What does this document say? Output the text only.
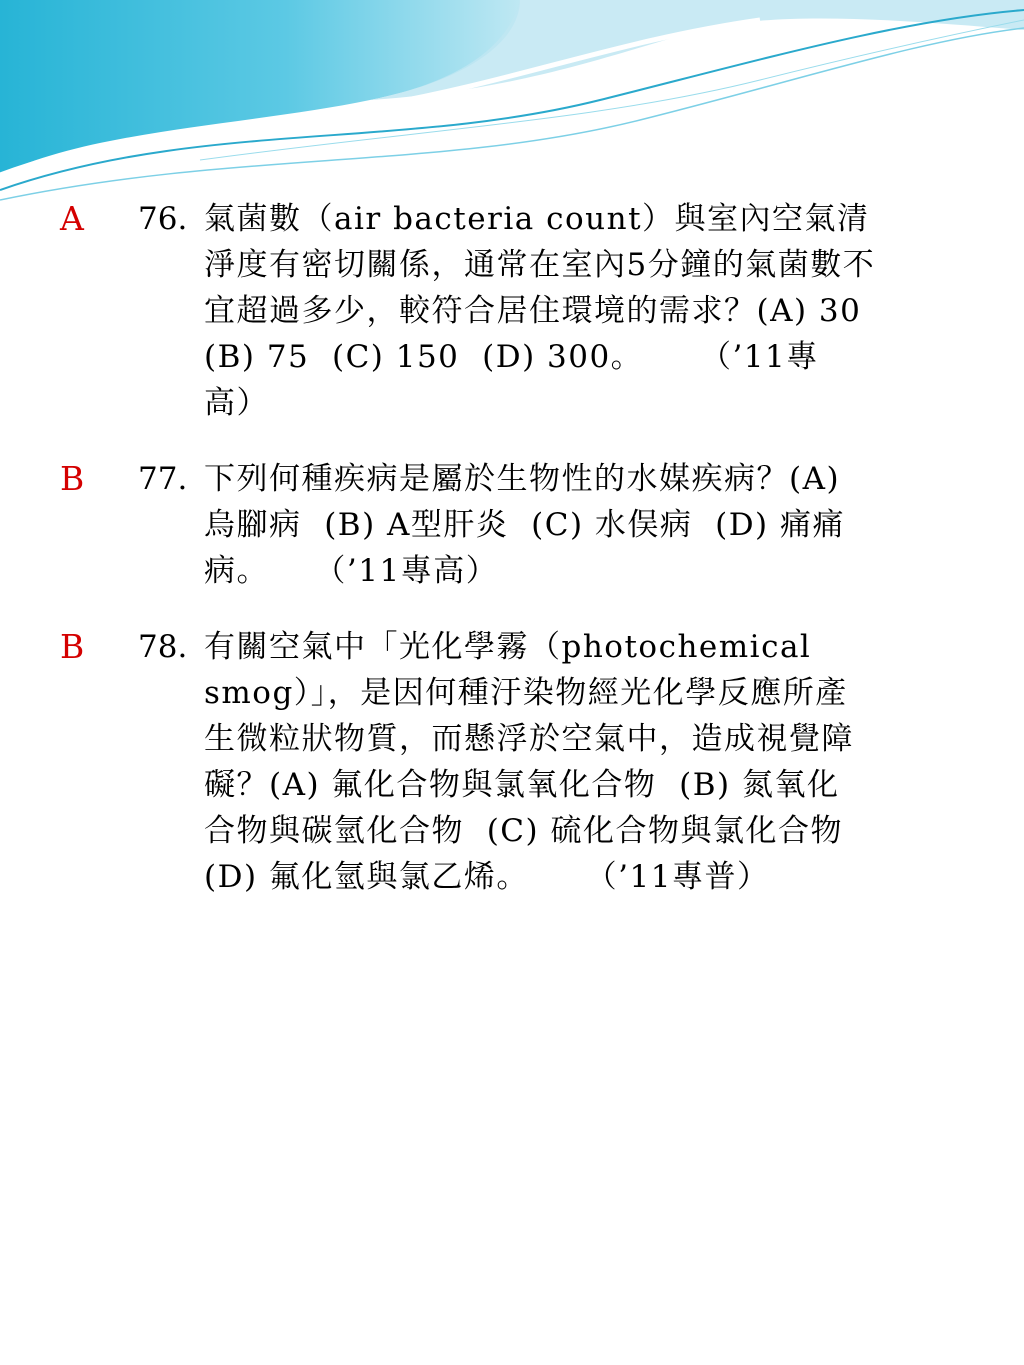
A 76. 氣菌數（air bacteria count）與室內空氣清
淨度有密切關係，通常在室內5分鐘的氣菌數不
宜超過多少，較符合居住環境的需求？(A) 30
(B) 75  (C) 150  (D) 300。     （’11專
高）
B 77. 下列何種疾病是屬於生物性的水媒疾病？(A)
烏腳病  (B) A型肝炎  (C) 水俣病  (D) 痛痛
病。    （’11專高）
B 78. 有關空氣中「光化學霧（photochemical
smog）」，是因何種汙染物經光化學反應所產
生微粒狀物質，而懸浮於空氣中，造成視覺障
礙？(A) 氟化合物與氯氧化合物  (B) 氮氧化
合物與碳氫化合物  (C) 硫化合物與氯化合物
(D) 氟化氫與氯乙烯。     （’11專普）
